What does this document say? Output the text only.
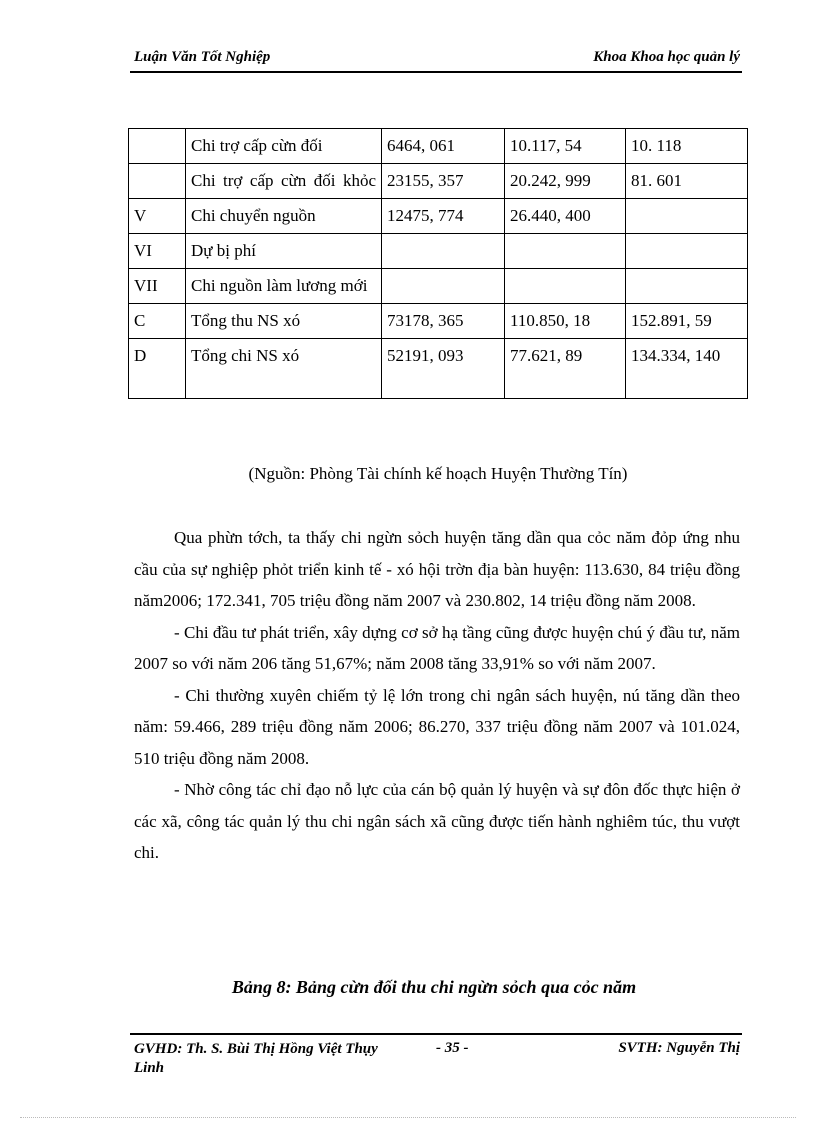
Luận Văn Tốt Nghiệp	Khoa Khoa học quản lý
	Chi trợ cấp cừn đối	6464, 061	10.117, 54	10. 118
	Chi trợ cấp cừn đối khỏc	23155, 357	20.242, 999	81. 601
V	Chi chuyển nguồn	12475, 774	26.440, 400	
VI	Dự bị phí			
VII	Chi nguồn làm lương mới			
C	Tổng thu NS xó	73178, 365	110.850, 18	152.891, 59
D	Tổng chi NS xó	52191, 093	77.621, 89	134.334, 140
(Nguồn: Phòng Tài chính kế hoạch Huyện Thường Tín)

Qua phừn tớch, ta thấy chi ngừn sỏch huyện tăng dần qua cỏc năm đỏp ứng nhu cầu của sự nghiệp phỏt triển kinh tế - xó hội trờn địa bàn huyện: 113.630, 84 triệu đồng năm2006; 172.341, 705 triệu đồng năm 2007 và 230.802, 14 triệu đồng năm 2008.

- Chi đầu tư phát triển, xây dựng cơ sở hạ tầng cũng được huyện chú ý đầu tư, năm 2007 so với năm 206 tăng 51,67%; năm 2008 tăng 33,91% so với năm 2007.

- Chi thường xuyên chiếm tỷ lệ lớn trong chi ngân sách huyện, nú tăng dần theo năm: 59.466, 289 triệu đồng năm 2006; 86.270, 337 triệu đồng năm 2007 và 101.024, 510 triệu đồng năm 2008.

- Nhờ công tác chỉ đạo nỗ lực của cán bộ quản lý huyện và sự đôn đốc thực hiện ở các xã, công tác quản lý thu chi ngân sách xã cũng được tiến hành nghiêm túc, thu vượt chi.

Bảng 8: Bảng cừn đối thu chi ngừn sỏch qua cỏc năm
GVHD: Th. S. Bùi Thị Hồng Việt Thụy Linh
- 35 -	SVTH: Nguyễn Thị
